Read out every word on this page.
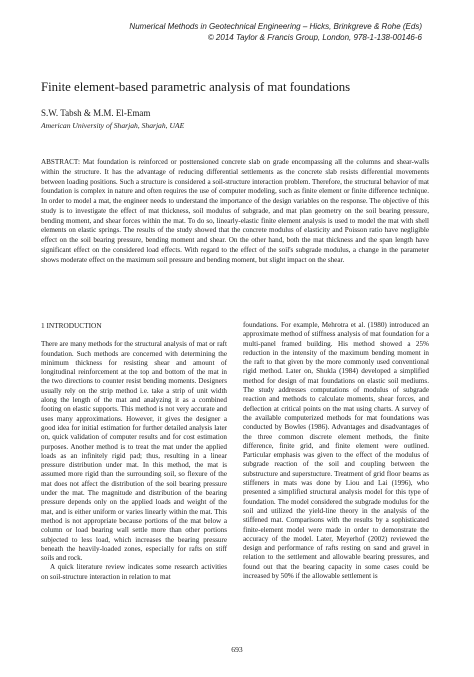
Numerical Methods in Geotechnical Engineering – Hicks, Brinkgreve & Rohe (Eds)
© 2014 Taylor & Francis Group, London, 978-1-138-00146-6
Finite element-based parametric analysis of mat foundations
S.W. Tabsh & M.M. El-Emam
American University of Sharjah, Sharjah, UAE

ABSTRACT: Mat foundation is reinforced or posttensioned concrete slab on grade encompassing all the columns and shear-walls within the structure. It has the advantage of reducing differential settlements as the concrete slab resists differential movements between loading positions. Such a structure is considered a soil-structure interaction problem. Therefore, the structural behavior of mat foundation is complex in nature and often requires the use of computer modeling, such as finite element or finite difference technique. In order to model a mat, the engineer needs to understand the importance of the design variables on the response. The objective of this study is to investigate the effect of mat thickness, soil modulus of subgrade, and mat plan geometry on the soil bearing pressure, bending moment, and shear forces within the mat. To do so, linearly-elastic finite element analysis is used to model the mat with shell elements on elastic springs. The results of the study showed that the concrete modulus of elasticity and Poisson ratio have negligible effect on the soil bearing pressure, bending moment and shear. On the other hand, both the mat thickness and the span length have significant effect on the considered load effects. With regard to the effect of the soil's subgrade modulus, a change in the parameter shows moderate effect on the maximum soil pressure and bending moment, but slight impact on the shear.

1 INTRODUCTION

There are many methods for the structural analysis of mat or raft foundation. Such methods are concerned with determining the minimum thickness for resisting shear and amount of longitudinal reinforcement at the top and bottom of the mat in the two directions to counter resist bending moments. Designers usually rely on the strip method i.e. take a strip of unit width along the length of the mat and analyzing it as a combined footing on elastic supports. This method is not very accurate and uses many approximations. However, it gives the designer a good idea for initial estimation for further detailed analysis later on, quick validation of computer results and for cost estimation purposes. Another method is to treat the mat under the applied loads as an infinitely rigid pad; thus, resulting in a linear pressure distribution under mat. In this method, the mat is assumed more rigid than the surrounding soil, so flexure of the mat does not affect the distribution of the soil bearing pressure under the mat. The magnitude and distribution of the bearing pressure depends only on the applied loads and weight of the mat, and is either uniform or varies linearly within the mat. This method is not appropriate because portions of the mat below a column or load bearing wall settle more than other portions subjected to less load, which increases the bearing pressure beneath the heavily-loaded zones, especially for rafts on stiff soils and rock.

A quick literature review indicates some research activities on soil-structure interaction in relation to mat

foundations. For example, Mehrotra et al. (1980) introduced an approximate method of stiffness analysis of mat foundation for a multi-panel framed building. His method showed a 25% reduction in the intensity of the maximum bending moment in the raft to that given by the more commonly used conventional rigid method. Later on, Shukla (1984) developed a simplified method for design of mat foundations on elastic soil mediums. The study addresses computations of modulus of subgrade reaction and methods to calculate moments, shear forces, and deflection at critical points on the mat using charts. A survey of the available computerized methods for mat foundations was conducted by Bowles (1986). Advantages and disadvantages of the three common discrete element methods, the finite difference, finite grid, and finite element were outlined. Particular emphasis was given to the effect of the modulus of subgrade reaction of the soil and coupling between the substructure and superstucture. Treatment of grid floor beams as stiffeners in mats was done by Liou and Lai (1996), who presented a simplified structural analysis model for this type of foundation. The model considered the subgrade modulus for the soil and utilized the yield-line theory in the analysis of the stiffened mat. Comparisons with the results by a sophisticated finite-element model were made in order to demonstrate the accuracy of the model. Later, Meyerhof (2002) reviewed the design and performance of rafts resting on sand and gravel in relation to the settlement and allowable bearing pressures, and found out that the bearing capacity in some cases could be increased by 50% if the allowable settlement is

693
